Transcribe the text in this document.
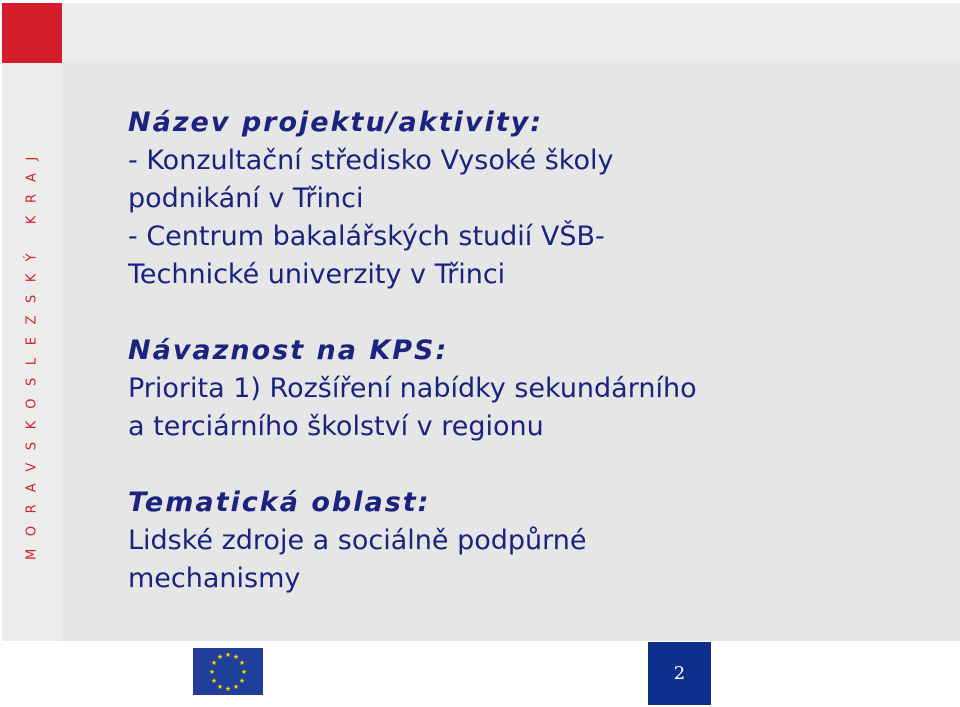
MORAVSKOSLEZSKÝ KRAJ

Název projektu/aktivity:

- Konzultační středisko Vysoké školy

podnikání v Třinci

- Centrum bakalářských studií VŠB-

Technické univerzity v Třinci

Návaznost na KPS:

Priorita 1) Rozšíření nabídky sekundárního

a terciárního školství v regionu

Tematická oblast:

Lidské zdroje a sociálně podpůrné

mechanismy

★ ★
★
★
★
★
★
★
★
★
★
★
2
